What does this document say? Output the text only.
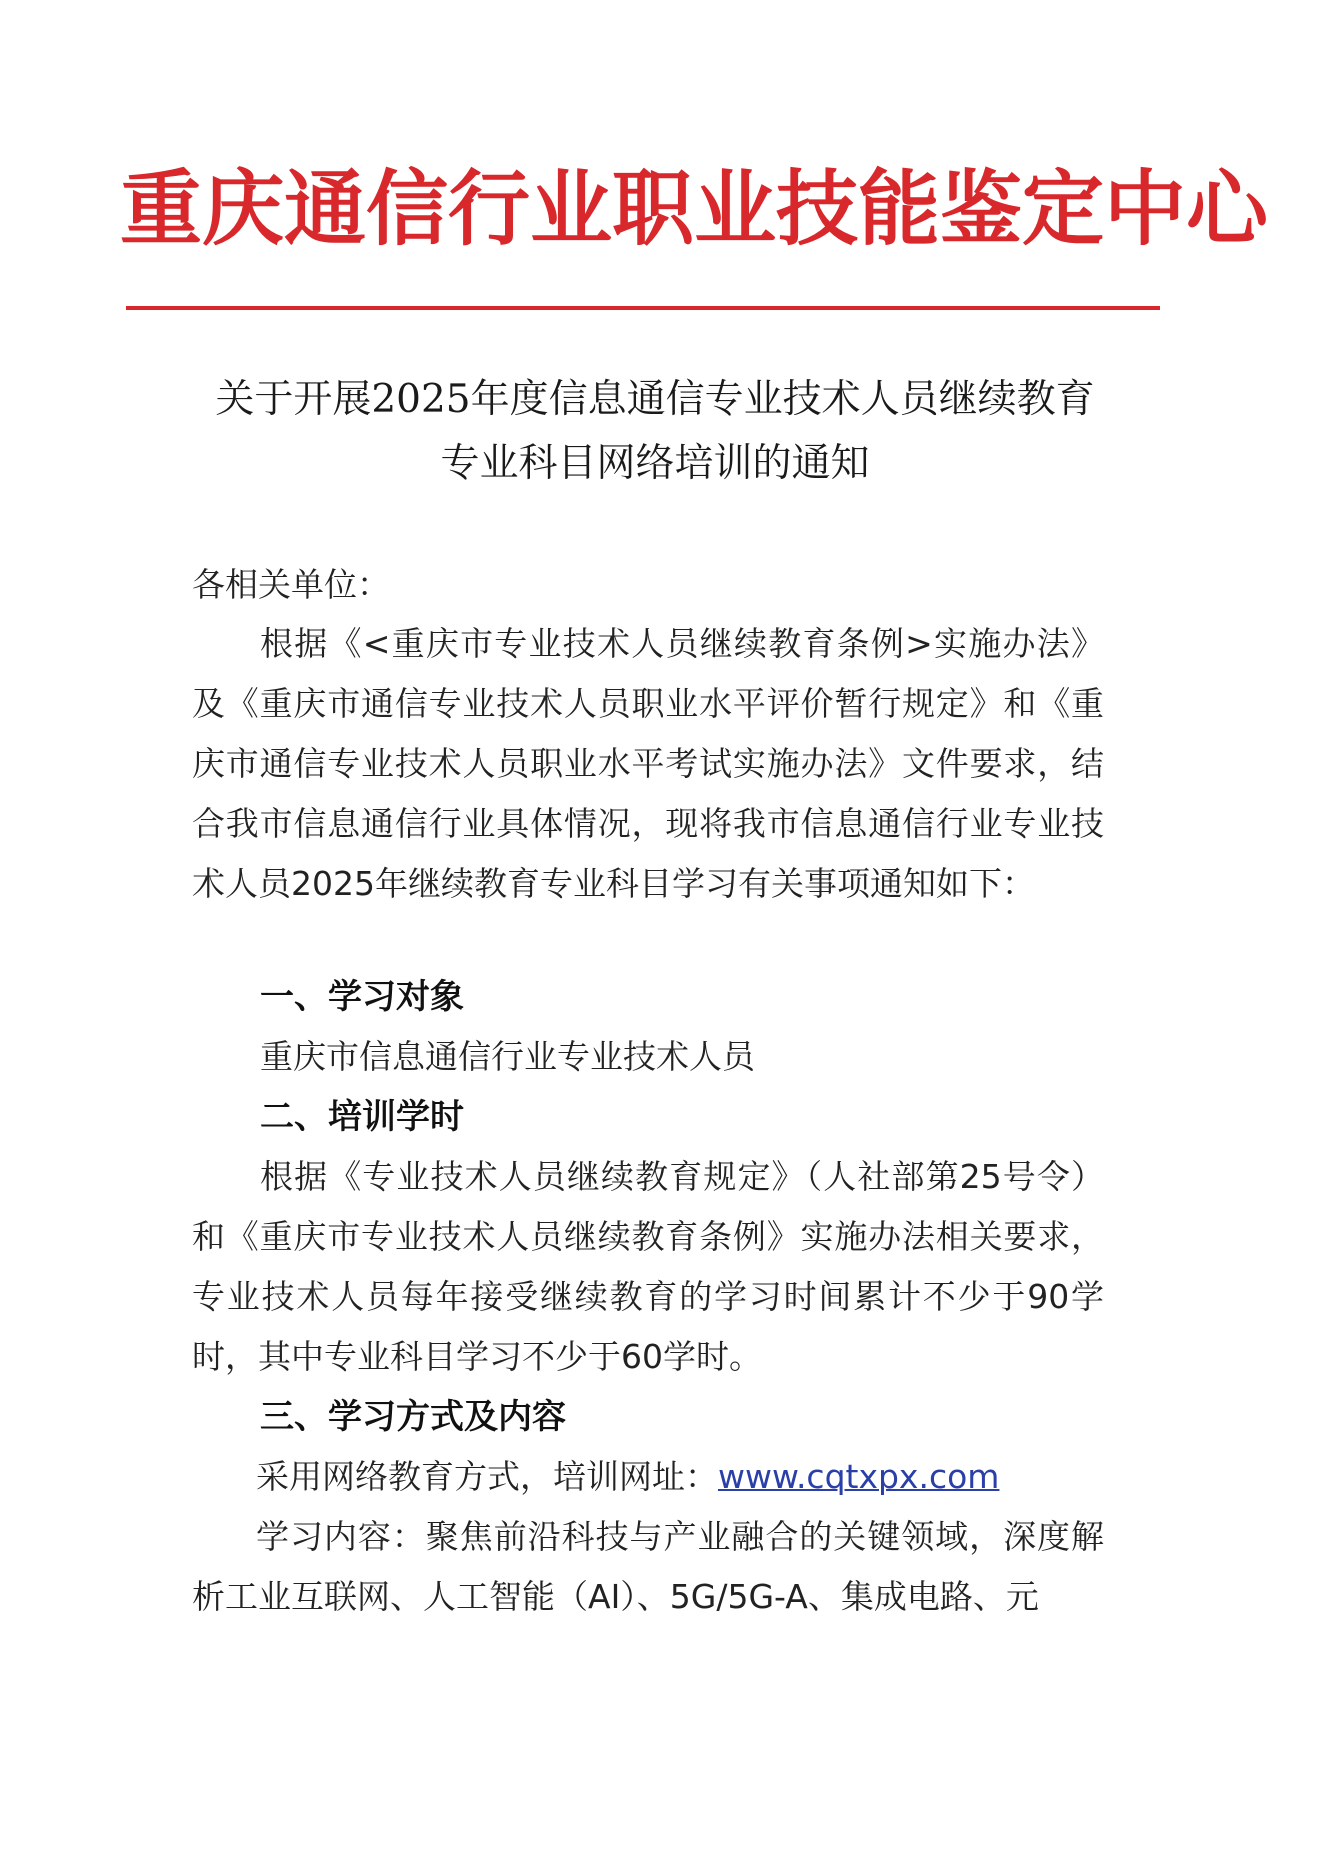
重庆通信行业职业技能鉴定中心
关于开展2025年度信息通信专业技术人员继续教育
专业科目网络培训的通知
各相关单位：
根据《<重庆市专业技术人员继续教育条例>实施办法》及《重庆市通信专业技术人员职业水平评价暂行规定》和《重庆市通信专业技术人员职业水平考试实施办法》文件要求，结合我市信息通信行业具体情况，现将我市信息通信行业专业技术人员2025年继续教育专业科目学习有关事项通知如下：
一、学习对象
重庆市信息通信行业专业技术人员
二、培训学时
根据《专业技术人员继续教育规定》（人社部第25号令）和《重庆市专业技术人员继续教育条例》实施办法相关要求，专业技术人员每年接受继续教育的学习时间累计不少于90学时，其中专业科目学习不少于60学时。
三、学习方式及内容
采用网络教育方式，培训网址：www.cqtxpx.com
学习内容：聚焦前沿科技与产业融合的关键领域，深度解析工业互联网、人工智能（AI）、5G/5G-A、集成电路、元
